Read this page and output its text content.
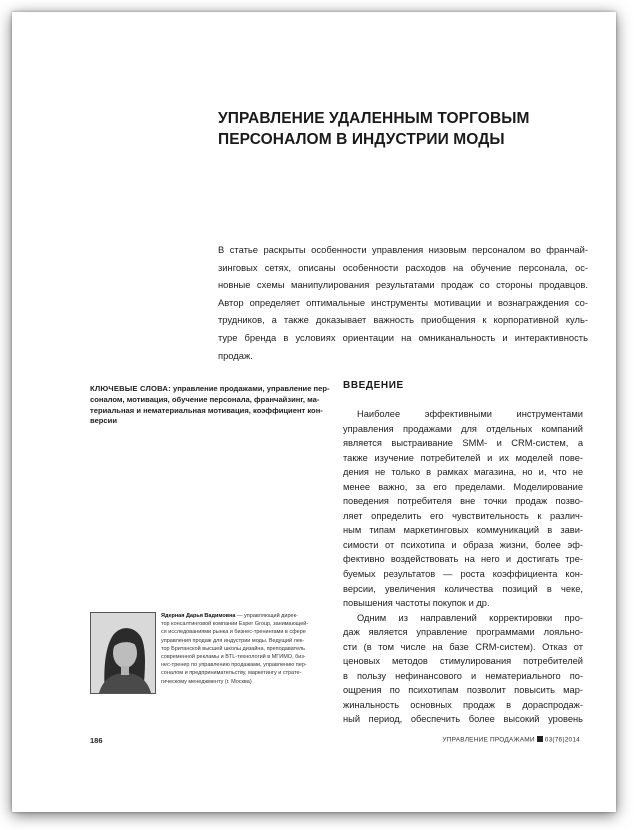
УПРАВЛЕНИЕ УДАЛЕННЫМ ТОРГОВЫМ
ПЕРСОНАЛОМ В ИНДУСТРИИ МОДЫ

В статье раскрыты особенности управления низовым персоналом во франчай-
зинговых сетях, описаны особенности расходов на обучение персонала, ос-
новные схемы манипулирования результатами продаж со стороны продавцов.
Автор определяет оптимальные инструменты мотивации и вознаграждения со-
трудников, а также доказывает важность приобщения к корпоративной куль-
туре бренда в условиях ориентации на омниканальность и интерактивность
продаж.

КЛЮЧЕВЫЕ СЛОВА: управление продажами, управление пер-
соналом, мотивация, обучение персонала, франчайзинг, ма-
териальная и нематериальная мотивация, коэффициент кон-
версии
ВВЕДЕНИЕ
Наиболее эффективными инструментами
управления продажами для отдельных компаний
является выстраивание SMM- и CRM-систем, а
также изучение потребителей и их моделей пове-
дения не только в рамках магазина, но и, что не
менее важно, за его пределами. Моделирование
поведения потребителя вне точки продаж позво-
ляет определить его чувствительность к различ-
ным типам маркетинговых коммуникаций в зави-
симости от психотипа и образа жизни, более эф-
фективно воздействовать на него и достигать тре-
буемых результатов — роста коэффициента кон-
версии, увеличения количества позиций в чеке,
повышения частоты покупок и др.
Одним из направлений корректировки про-
даж является управление программами лояльно-
сти (в том числе на базе CRM-систем). Отказ от
ценовых методов стимулирования потребителей
в пользу нефинансового и нематериального по-
ощрения по психотипам позволит повысить мар-
жинальность основных продаж в дораспродаж-
ный период, обеспечить более высокий уровень
Ядерная Дарья Вадимовна — управляющий дирек-
тор консалтинговой компании Esper Group, занимающей-
ся исследованиями рынка и бизнес-тренингами в сфере
управления продаж для индустрии моды. Ведущий лек-
тор Британской высшей школы дизайна, преподаватель
современной рекламы и BTL-технологий в МГИМО, биз-
нес-тренер по управлению продажами, управлению пер-
соналом и предпринимательству, маркетингу и страте-
гическому менеджменту (г. Москва)
186	УПРАВЛЕНИЕ ПРОДАЖАМИ 03(76)2014
